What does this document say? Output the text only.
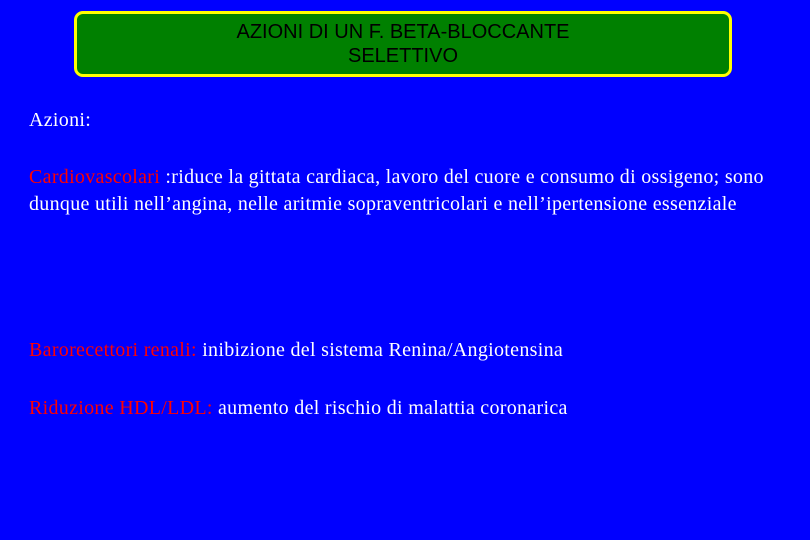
AZIONI DI UN F. BETA-BLOCCANTE
SELETTIVO
Azioni:
Cardiovascolari :riduce la gittata cardiaca, lavoro del cuore e consumo di ossigeno; sono dunque utili nell’angina, nelle aritmie sopraventricolari e nell’ipertensione essenziale
Barorecettori renali: inibizione del sistema Renina/Angiotensina
Riduzione HDL/LDL: aumento del rischio di malattia coronarica
